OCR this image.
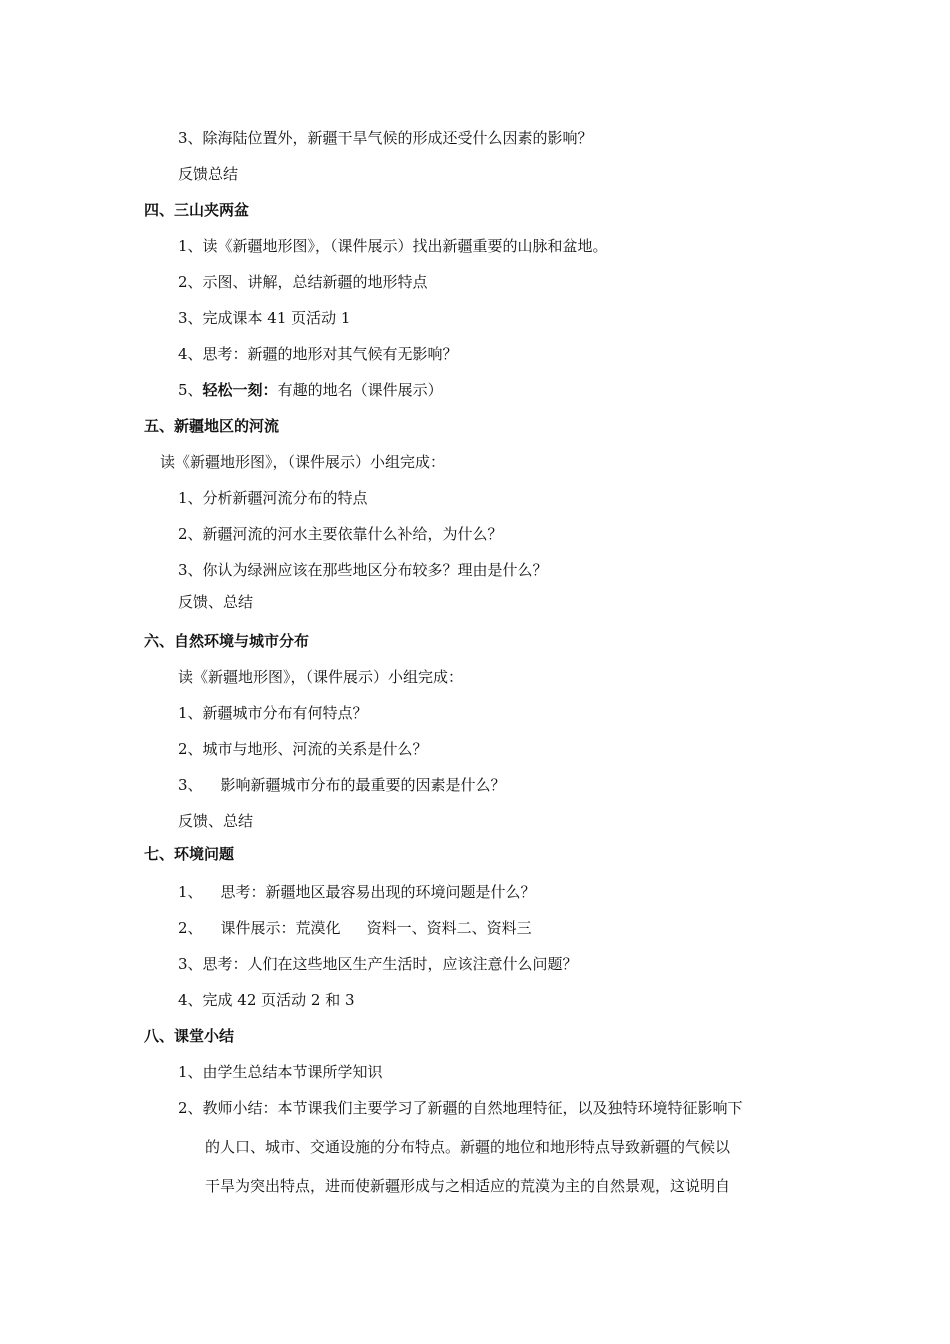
3、除海陆位置外，新疆干旱气候的形成还受什么因素的影响？
反馈总结
四、三山夹两盆
1、读《新疆地形图》，（课件展示）找出新疆重要的山脉和盆地。
2、示图、讲解，总结新疆的地形特点
3、完成课本 41 页活动 1
4、思考：新疆的地形对其气候有无影响？
5、轻松一刻：有趣的地名（课件展示）
五、新疆地区的河流
读《新疆地形图》，（课件展示）小组完成：
1、分析新疆河流分布的特点
2、新疆河流的河水主要依靠什么补给，为什么？
3、你认为绿洲应该在那些地区分布较多？理由是什么？
反馈、总结
六、自然环境与城市分布
读《新疆地形图》，（课件展示）小组完成：
1、新疆城市分布有何特点？
2、城市与地形、河流的关系是什么？
3、 影响新疆城市分布的最重要的因素是什么？
反馈、总结
七、环境问题
1、 思考：新疆地区最容易出现的环境问题是什么？
2、 课件展示：荒漠化 资料一、资料二、资料三
3、思考：人们在这些地区生产生活时，应该注意什么问题？
4、完成 42 页活动 2 和 3
八、课堂小结
1、由学生总结本节课所学知识
2、教师小结：本节课我们主要学习了新疆的自然地理特征，以及独特环境特征影响下
的人口、城市、交通设施的分布特点。新疆的地位和地形特点导致新疆的气候以
干旱为突出特点，进而使新疆形成与之相适应的荒漠为主的自然景观，这说明自
